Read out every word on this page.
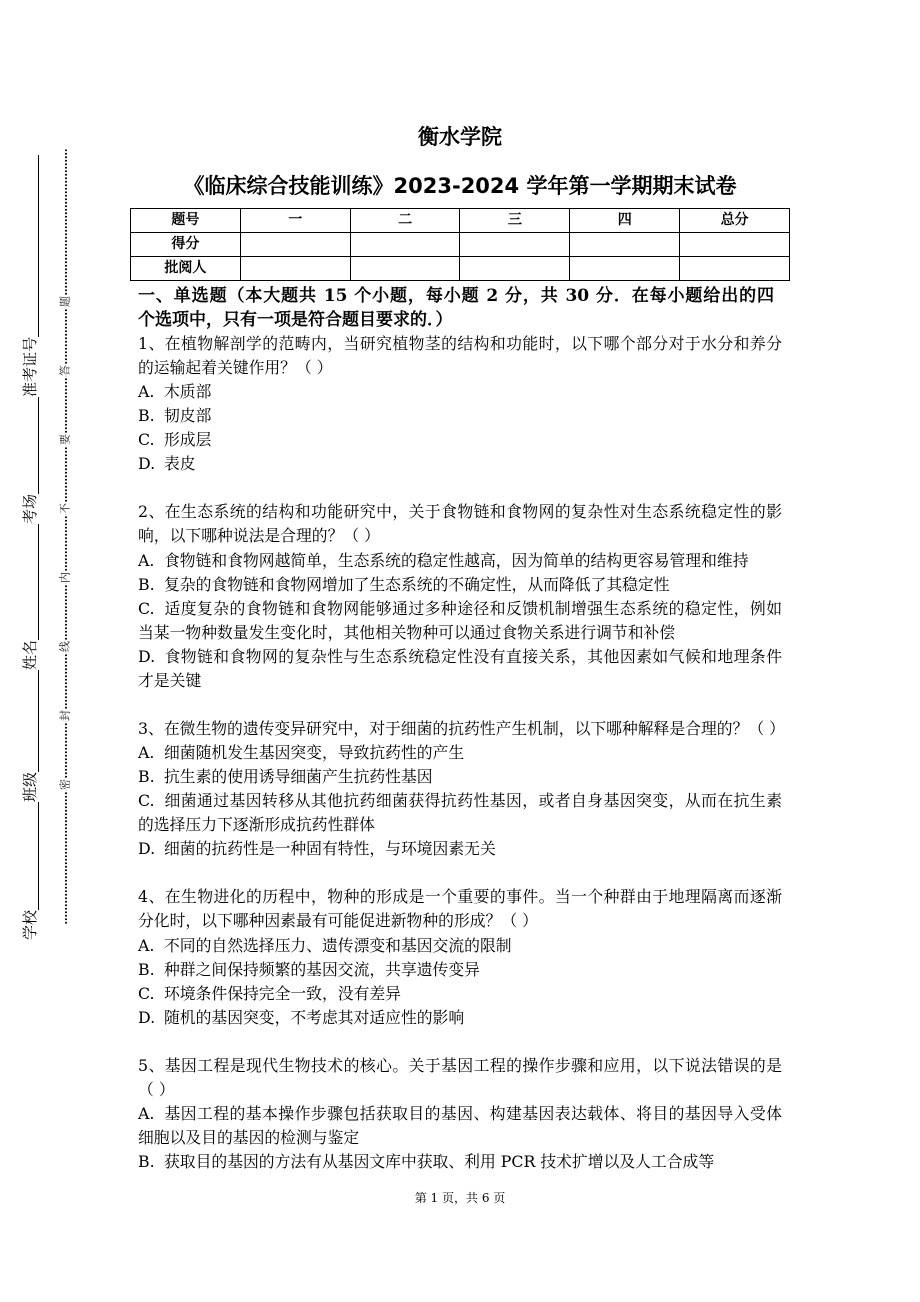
学校
班级
姓名
考场
准考证号
密
封
线
内
不
要
答
题
衡水学院
《临床综合技能训练》2023-2024 学年第一学期期末试卷
题号	一	二	三	四	总分
得分					
批阅人					
一、单选题（本大题共 15 个小题，每小题 2 分，共 30 分．在每小题给出的四
个选项中，只有一项是符合题目要求的．）
1、在植物解剖学的范畴内，当研究植物茎的结构和功能时，以下哪个部分对于水分和养分
的运输起着关键作用？（ ）
A. 木质部
B. 韧皮部
C. 形成层
D. 表皮
2、在生态系统的结构和功能研究中，关于食物链和食物网的复杂性对生态系统稳定性的影
响，以下哪种说法是合理的？（ ）
A. 食物链和食物网越简单，生态系统的稳定性越高，因为简单的结构更容易管理和维持
B. 复杂的食物链和食物网增加了生态系统的不确定性，从而降低了其稳定性
C. 适度复杂的食物链和食物网能够通过多种途径和反馈机制增强生态系统的稳定性，例如
当某一物种数量发生变化时，其他相关物种可以通过食物关系进行调节和补偿
D. 食物链和食物网的复杂性与生态系统稳定性没有直接关系，其他因素如气候和地理条件
才是关键
3、在微生物的遗传变异研究中，对于细菌的抗药性产生机制，以下哪种解释是合理的？（ ）
A. 细菌随机发生基因突变，导致抗药性的产生
B. 抗生素的使用诱导细菌产生抗药性基因
C. 细菌通过基因转移从其他抗药细菌获得抗药性基因，或者自身基因突变，从而在抗生素
的选择压力下逐渐形成抗药性群体
D. 细菌的抗药性是一种固有特性，与环境因素无关
4、在生物进化的历程中，物种的形成是一个重要的事件。当一个种群由于地理隔离而逐渐
分化时，以下哪种因素最有可能促进新物种的形成？（ ）
A. 不同的自然选择压力、遗传漂变和基因交流的限制
B. 种群之间保持频繁的基因交流，共享遗传变异
C. 环境条件保持完全一致，没有差异
D. 随机的基因突变，不考虑其对适应性的影响
5、基因工程是现代生物技术的核心。关于基因工程的操作步骤和应用，以下说法错误的是
（ ）
A. 基因工程的基本操作步骤包括获取目的基因、构建基因表达载体、将目的基因导入受体
细胞以及目的基因的检测与鉴定
B. 获取目的基因的方法有从基因文库中获取、利用 PCR 技术扩增以及人工合成等
第 1 页，共 6 页
